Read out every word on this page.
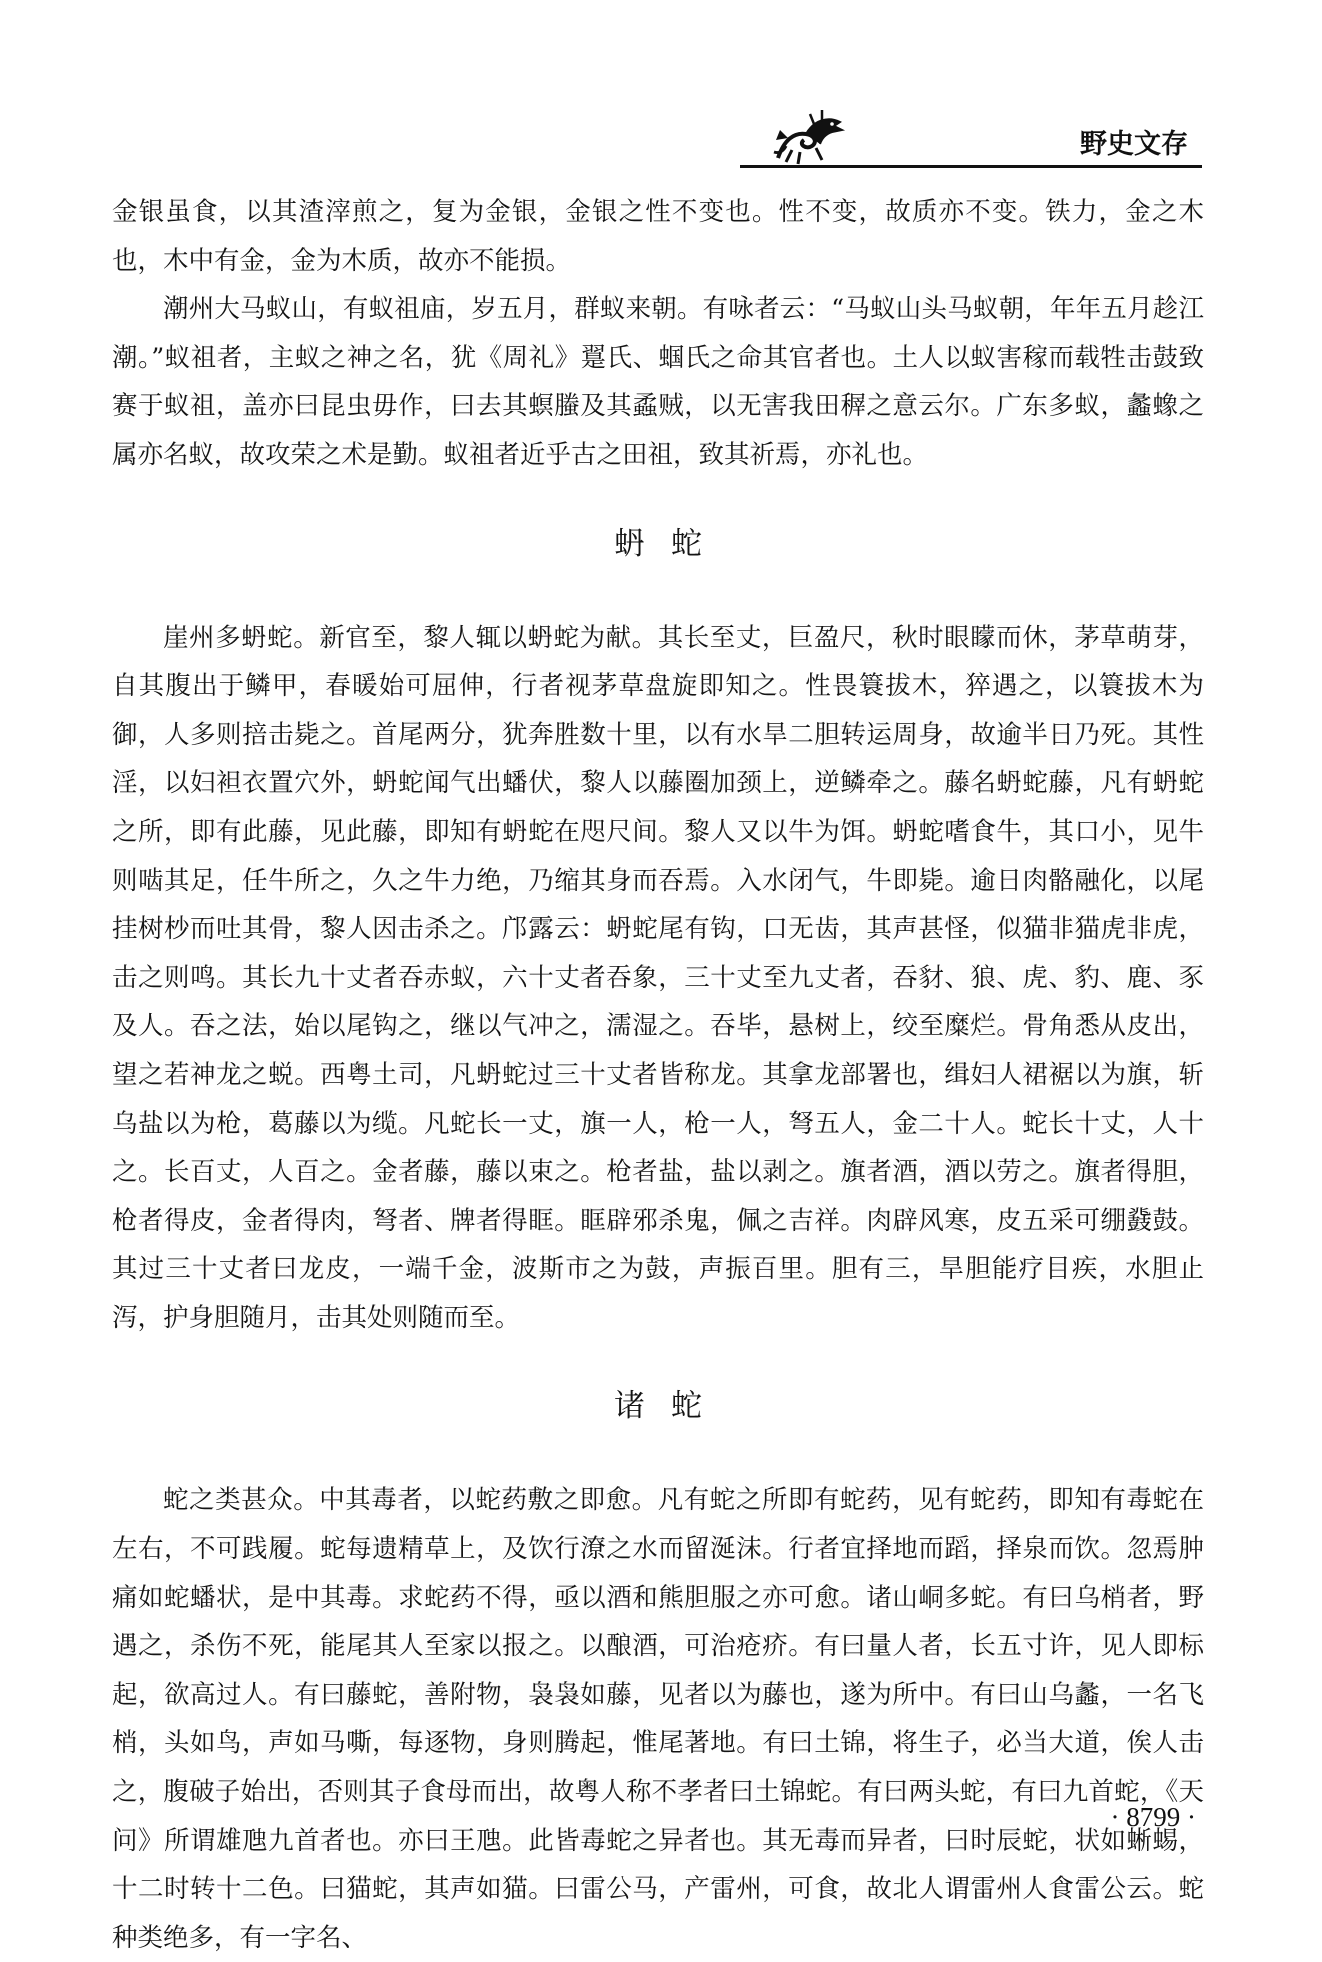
野史文存

金银虽食，以其渣滓煎之，复为金银，金银之性不变也。性不变，故质亦不变。铁力，金之木也，木中有金，金为木质，故亦不能损。

潮州大马蚁山，有蚁祖庙，岁五月，群蚁来朝。有咏者云：“马蚁山头马蚁朝，年年五月趁江潮。”蚁祖者，主蚁之神之名，犹《周礼》翨氏、蝈氏之命其官者也。土人以蚁害稼而载牲击鼓致赛于蚁祖，盖亦曰昆虫毋作，曰去其螟螣及其蟊贼，以无害我田稺之意云尔。广东多蚁，蠡蟓之属亦名蚁，故攻荣之术是勤。蚁祖者近乎古之田祖，致其祈焉，亦礼也。

蚒蛇

崖州多蚒蛇。新官至，黎人辄以蚒蛇为献。其长至丈，巨盈尺，秋时眼矇而休，茅草萌芽，自其腹出于鳞甲，春暖始可屈伸，行者视茅草盘旋即知之。性畏簑拔木，猝遇之，以簑拔木为御，人多则掊击毙之。首尾两分，犹奔胜数十里，以有水旱二胆转运周身，故逾半日乃死。其性淫，以妇袒衣置穴外，蚒蛇闻气出蟠伏，黎人以藤圈加颈上，逆鳞牵之。藤名蚒蛇藤，凡有蚒蛇之所，即有此藤，见此藤，即知有蚒蛇在咫尺间。黎人又以牛为饵。蚒蛇嗜食牛，其口小，见牛则啮其足，任牛所之，久之牛力绝，乃缩其身而吞焉。入水闭气，牛即毙。逾日肉骼融化，以尾挂树杪而吐其骨，黎人因击杀之。邝露云：蚒蛇尾有钩，口无齿，其声甚怪，似猫非猫虎非虎，击之则鸣。其长九十丈者吞赤蚁，六十丈者吞象，三十丈至九丈者，吞豺、狼、虎、豹、鹿、豕及人。吞之法，始以尾钩之，继以气冲之，濡湿之。吞毕，悬树上，绞至糜烂。骨角悉从皮出，望之若神龙之蜕。西粤土司，凡蚒蛇过三十丈者皆称龙。其拿龙部署也，缉妇人裙裾以为旗，斩乌盐以为枪，葛藤以为缆。凡蛇长一丈，旗一人，枪一人，弩五人，金二十人。蛇长十丈，人十之。长百丈，人百之。金者藤，藤以束之。枪者盐，盐以剥之。旗者酒，酒以劳之。旗者得胆，枪者得皮，金者得肉，弩者、牌者得眶。眶辟邪杀鬼，佩之吉祥。肉辟风寒，皮五采可绷鼗鼓。其过三十丈者曰龙皮，一端千金，波斯市之为鼓，声振百里。胆有三，旱胆能疗目疾，水胆止泻，护身胆随月，击其处则随而至。

诸蛇

蛇之类甚众。中其毒者，以蛇药敷之即愈。凡有蛇之所即有蛇药，见有蛇药，即知有毒蛇在左右，不可践履。蛇每遗精草上，及饮行潦之水而留涎沫。行者宜择地而蹈，择泉而饮。忽焉肿痛如蛇蟠状，是中其毒。求蛇药不得，亟以酒和熊胆服之亦可愈。诸山峒多蛇。有曰乌梢者，野遇之，杀伤不死，能尾其人至家以报之。以酿酒，可治疮疥。有曰量人者，长五寸许，见人即标起，欲高过人。有曰藤蛇，善附物，袅袅如藤，见者以为藤也，遂为所中。有曰山乌蠡，一名飞梢，头如鸟，声如马嘶，每逐物，身则腾起，惟尾著地。有曰土锦，将生子，必当大道，俟人击之，腹破子始出，否则其子食母而出，故粤人称不孝者曰土锦蛇。有曰两头蛇，有曰九首蛇，《天问》所谓雄虺九首者也。亦曰王虺。此皆毒蛇之异者也。其无毒而异者，曰时辰蛇，状如蜥蜴，十二时转十二色。曰猫蛇，其声如猫。曰雷公马，产雷州，可食，故北人谓雷州人食雷公云。蛇种类绝多，有一字名、

· 8799 ·
